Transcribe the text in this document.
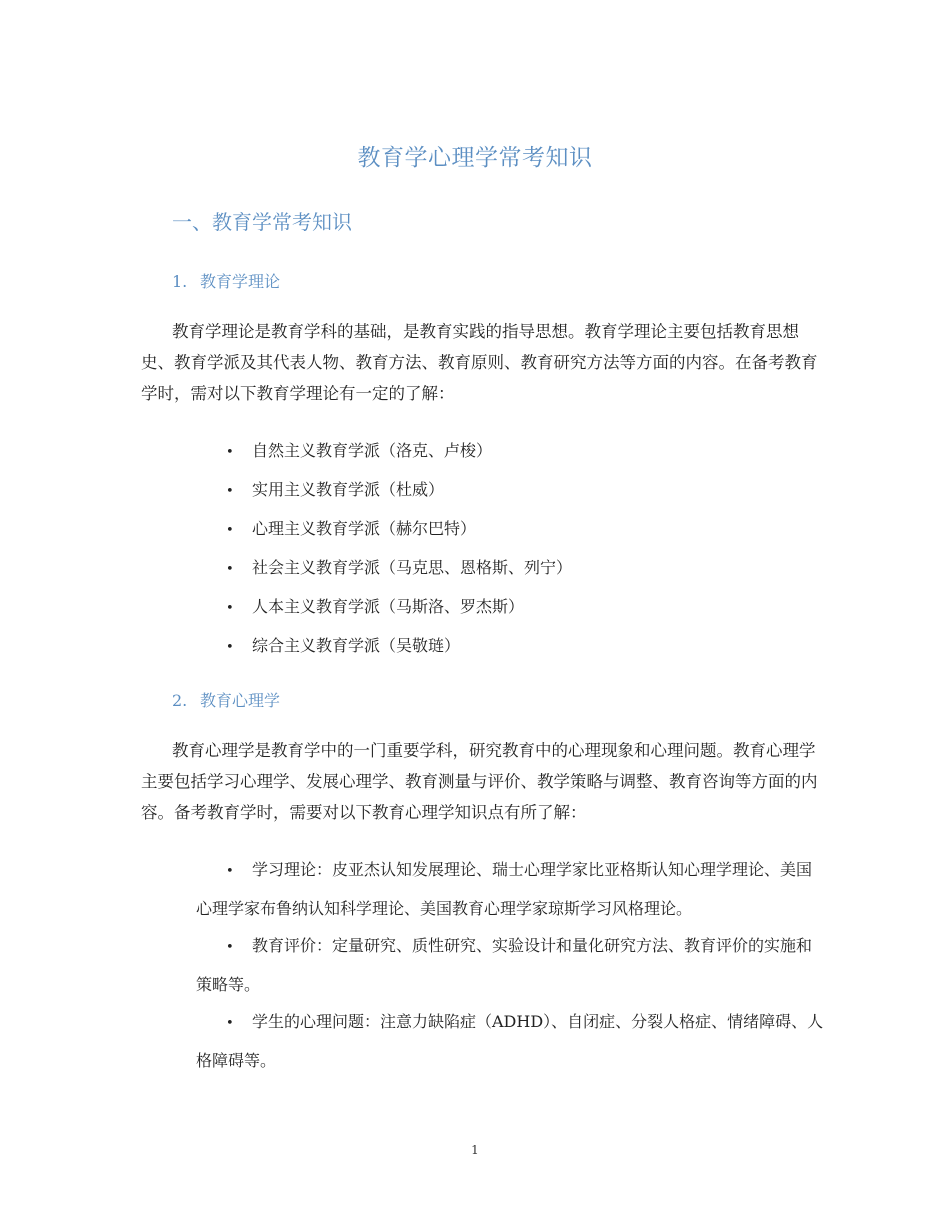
教育学心理学常考知识
一、教育学常考知识
1. 教育学理论

教育学理论是教育学科的基础，是教育实践的指导思想。教育学理论主要包括教育思想史、教育学派及其代表人物、教育方法、教育原则、教育研究方法等方面的内容。在备考教育学时，需对以下教育学理论有一定的了解：

• 自然主义教育学派（洛克、卢梭）
• 实用主义教育学派（杜威）
• 心理主义教育学派（赫尔巴特）
• 社会主义教育学派（马克思、恩格斯、列宁）
• 人本主义教育学派（马斯洛、罗杰斯）
• 综合主义教育学派（吴敬琏）
2. 教育心理学

教育心理学是教育学中的一门重要学科，研究教育中的心理现象和心理问题。教育心理学主要包括学习心理学、发展心理学、教育测量与评价、教学策略与调整、教育咨询等方面的内容。备考教育学时，需要对以下教育心理学知识点有所了解：

• 学习理论：皮亚杰认知发展理论、瑞士心理学家比亚格斯认知心理学理论、美国心理学家布鲁纳认知科学理论、美国教育心理学家琼斯学习风格理论。
• 教育评价：定量研究、质性研究、实验设计和量化研究方法、教育评价的实施和策略等。
• 学生的心理问题：注意力缺陷症（ADHD）、自闭症、分裂人格症、情绪障碍、人格障碍等。
1
